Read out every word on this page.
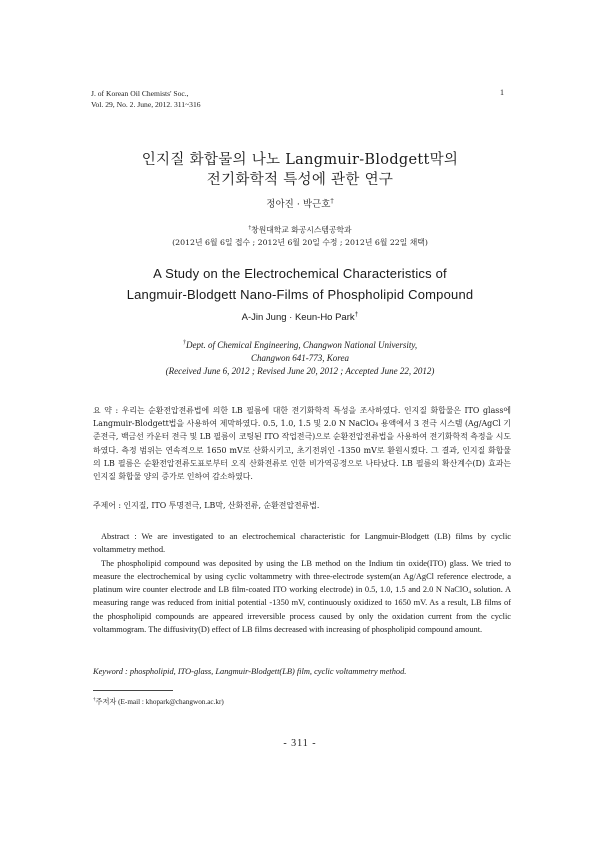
J. of Korean Oil Chemists' Soc.,
Vol. 29, No. 2. June, 2012. 311~316
1
인지질 화합물의 나노 Langmuir-Blodgett막의
전기화학적 특성에 관한 연구
정아진 · 박근호†
†창원대학교 화공시스템공학과
(2012년 6월 6일 접수 ; 2012년 6월 20일 수정 ; 2012년 6월 22일 채택)
A Study on the Electrochemical Characteristics of
Langmuir-Blodgett Nano-Films of Phospholipid Compound
A-Jin Jung · Keun-Ho Park†
†Dept. of Chemical Engineering, Changwon National University,
Changwon 641-773, Korea
(Received June 6, 2012 ; Revised June 20, 2012 ; Accepted June 22, 2012)
요 약 : 우리는 순환전압전류법에 의한 LB 필름에 대한 전기화학적 특성을 조사하였다. 인지질 화합물은 ITO glass에 Langmuir-Blodgett법을 사용하여 제막하였다. 0.5, 1.0, 1.5 및 2.0 N NaClO₄ 용액에서 3 전극 시스템 (Ag/AgCl 기준전극, 백금선 카운터 전극 및 LB 필름이 코팅된 ITO 작업전극)으로 순환전압전류법을 사용하여 전기화학적 측정을 시도하였다. 측정 범위는 연속적으로 1650 mV로 산화시키고, 초기전위인 -1350 mV로 환원시켰다. 그 결과, 인지질 화합물의 LB 필름은 순환전압전류도표로부터 오직 산화전류로 인한 비가역공정으로 나타났다. LB 필름의 확산계수(D) 효과는 인지질 화합물 양의 증가로 인하여 감소하였다.
주제어 : 인지질, ITO 투명전극, LB막, 산화전류, 순환전압전류법.

Abstract : We are investigated to an electrochemical characteristic for Langmuir-Blodgett (LB) films by cyclic voltammetry method.

The phospholipid compound was deposited by using the LB method on the Indium tin oxide(ITO) glass. We tried to measure the electrochemical by using cyclic voltammetry with three-electrode system(an Ag/AgCl reference electrode, a platinum wire counter electrode and LB film-coated ITO working electrode) in 0.5, 1.0, 1.5 and 2.0 N NaClO₄ solution. A measuring range was reduced from initial potential -1350 mV, continuously oxidized to 1650 mV. As a result, LB films of the phospholipid compounds are appeared irreversible process caused by only the oxidation current from the cyclic voltammogram. The diffusivity(D) effect of LB films decreased with increasing of phospholipid compound amount.

Keyword : phospholipid, ITO-glass, Langmuir-Blodgett(LB) film, cyclic voltammetry method.
†주저자 (E-mail : khopark@changwon.ac.kr)
- 311 -
